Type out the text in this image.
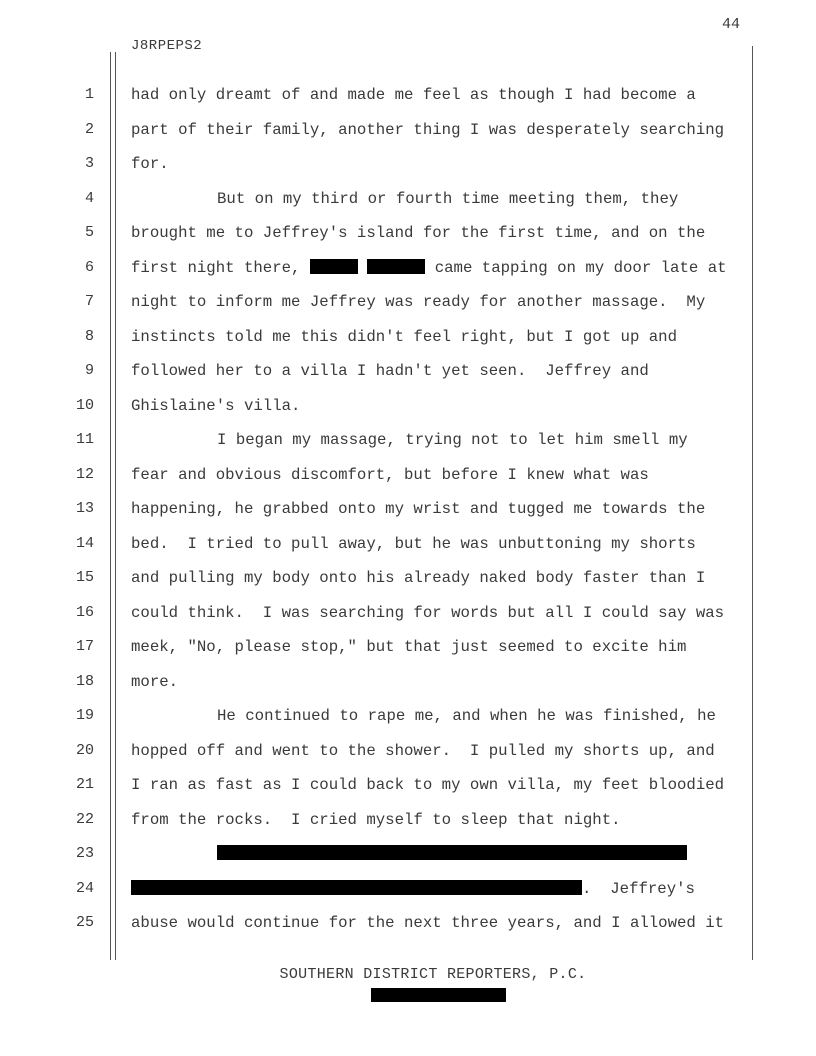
44
J8RPEPS2
1
2
3
4
5
6
7
8
9
10
11
12
13
14
15
16
17
18
19
20
21
22
23
24
25
had only dreamt of and made me feel as though I had become a
part of their family, another thing I was desperately searching
for.
But on my third or fourth time meeting them, they
brought me to Jeffrey's island for the first time, and on the
first night there,	came tapping on my door late at
night to inform me Jeffrey was ready for another massage.  My
instincts told me this didn't feel right, but I got up and
followed her to a villa I hadn't yet seen.  Jeffrey and
Ghislaine's villa.
I began my massage, trying not to let him smell my
fear and obvious discomfort, but before I knew what was
happening, he grabbed onto my wrist and tugged me towards the
bed.  I tried to pull away, but he was unbuttoning my shorts
and pulling my body onto his already naked body faster than I
could think.  I was searching for words but all I could say was
meek, "No, please stop," but that just seemed to excite him
more.
He continued to rape me, and when he was finished, he
hopped off and went to the shower.  I pulled my shorts up, and
I ran as fast as I could back to my own villa, my feet bloodied
from the rocks.  I cried myself to sleep that night.
.  Jeffrey's
abuse would continue for the next three years, and I allowed it
SOUTHERN DISTRICT REPORTERS, P.C.
